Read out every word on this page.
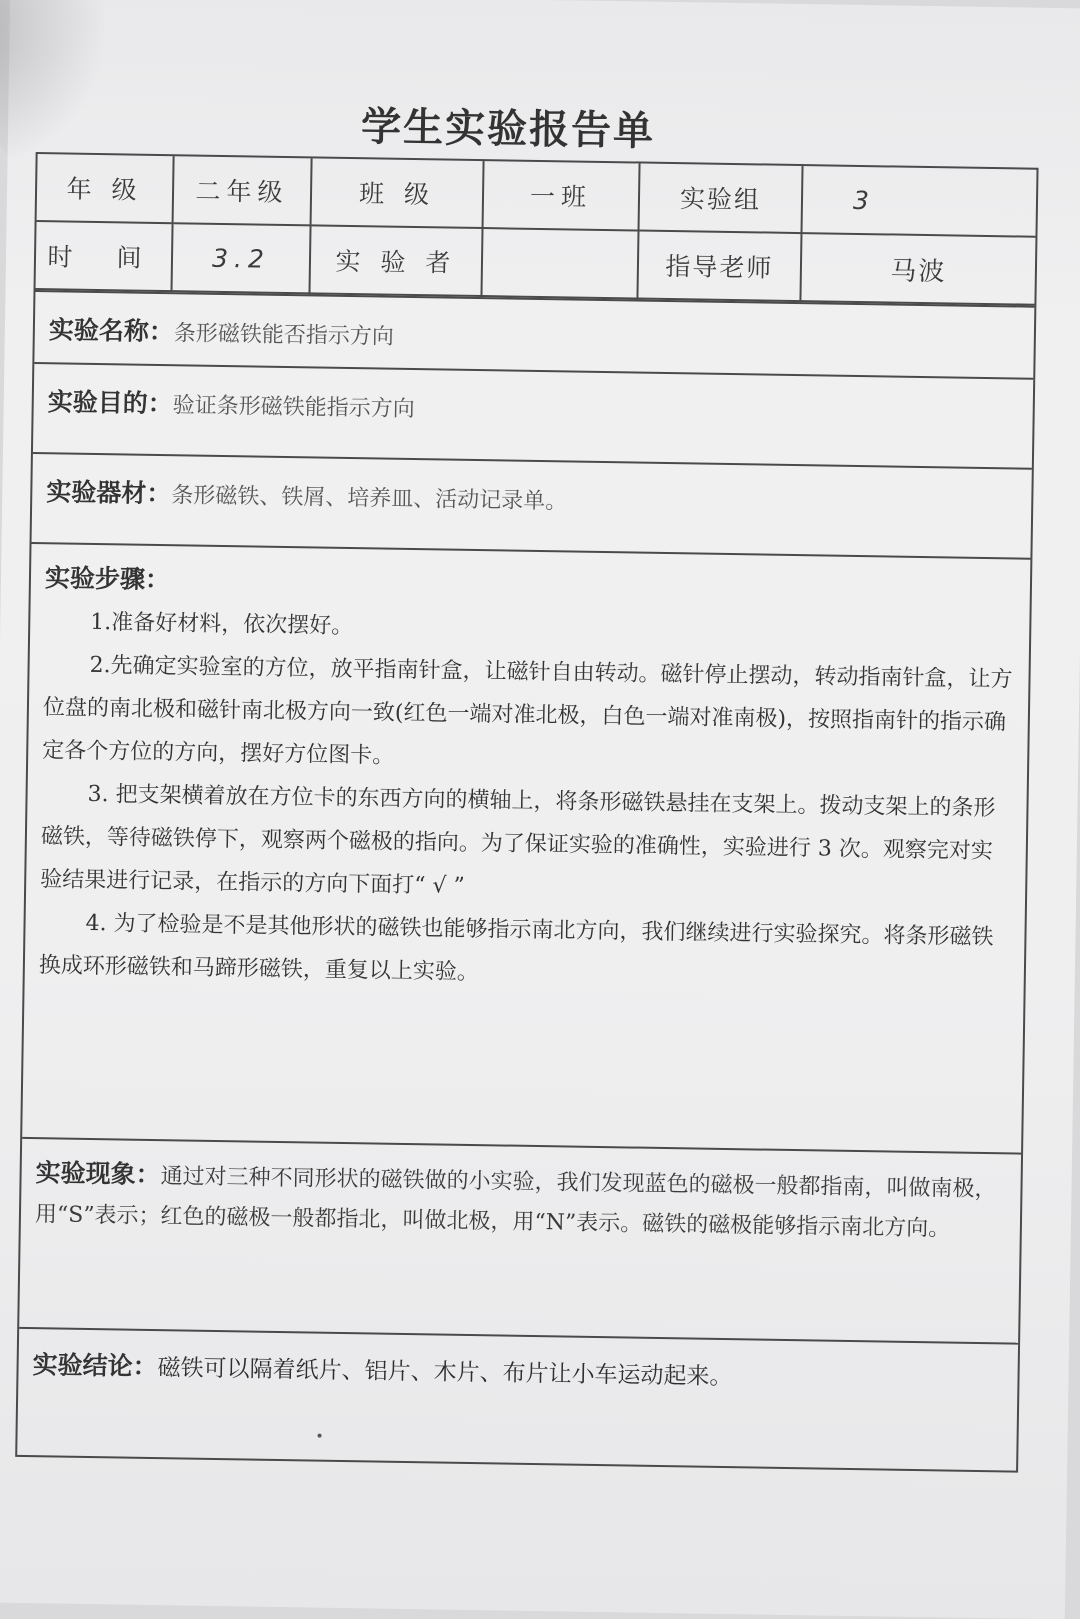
学生实验报告单
年 级	二年级	班 级	一班	实验组	3
时 间	3.2	实 验 者		指导老师	马波
实验名称：条形磁铁能否指示方向
实验目的：验证条形磁铁能指示方向
实验器材：条形磁铁、铁屑、培养皿、活动记录单。
实验步骤：

1.准备好材料，依次摆好。

2.先确定实验室的方位，放平指南针盒，让磁针自由转动。磁针停止摆动，转动指南针盒，让方位盘的南北极和磁针南北极方向一致(红色一端对准北极，白色一端对准南极)，按照指南针的指示确定各个方位的方向，摆好方位图卡。

3. 把支架横着放在方位卡的东西方向的横轴上，将条形磁铁悬挂在支架上。拨动支架上的条形磁铁，等待磁铁停下，观察两个磁极的指向。为了保证实验的准确性，实验进行 3 次。观察完对实验结果进行记录，在指示的方向下面打“ √ ”

4. 为了检验是不是其他形状的磁铁也能够指示南北方向，我们继续进行实验探究。将条形磁铁换成环形磁铁和马蹄形磁铁，重复以上实验。

实验现象：通过对三种不同形状的磁铁做的小实验，我们发现蓝色的磁极一般都指南，叫做南极，用“S”表示；红色的磁极一般都指北，叫做北极，用“N”表示。磁铁的磁极能够指示南北方向。
实验结论：磁铁可以隔着纸片、铝片、木片、布片让小车运动起来。
